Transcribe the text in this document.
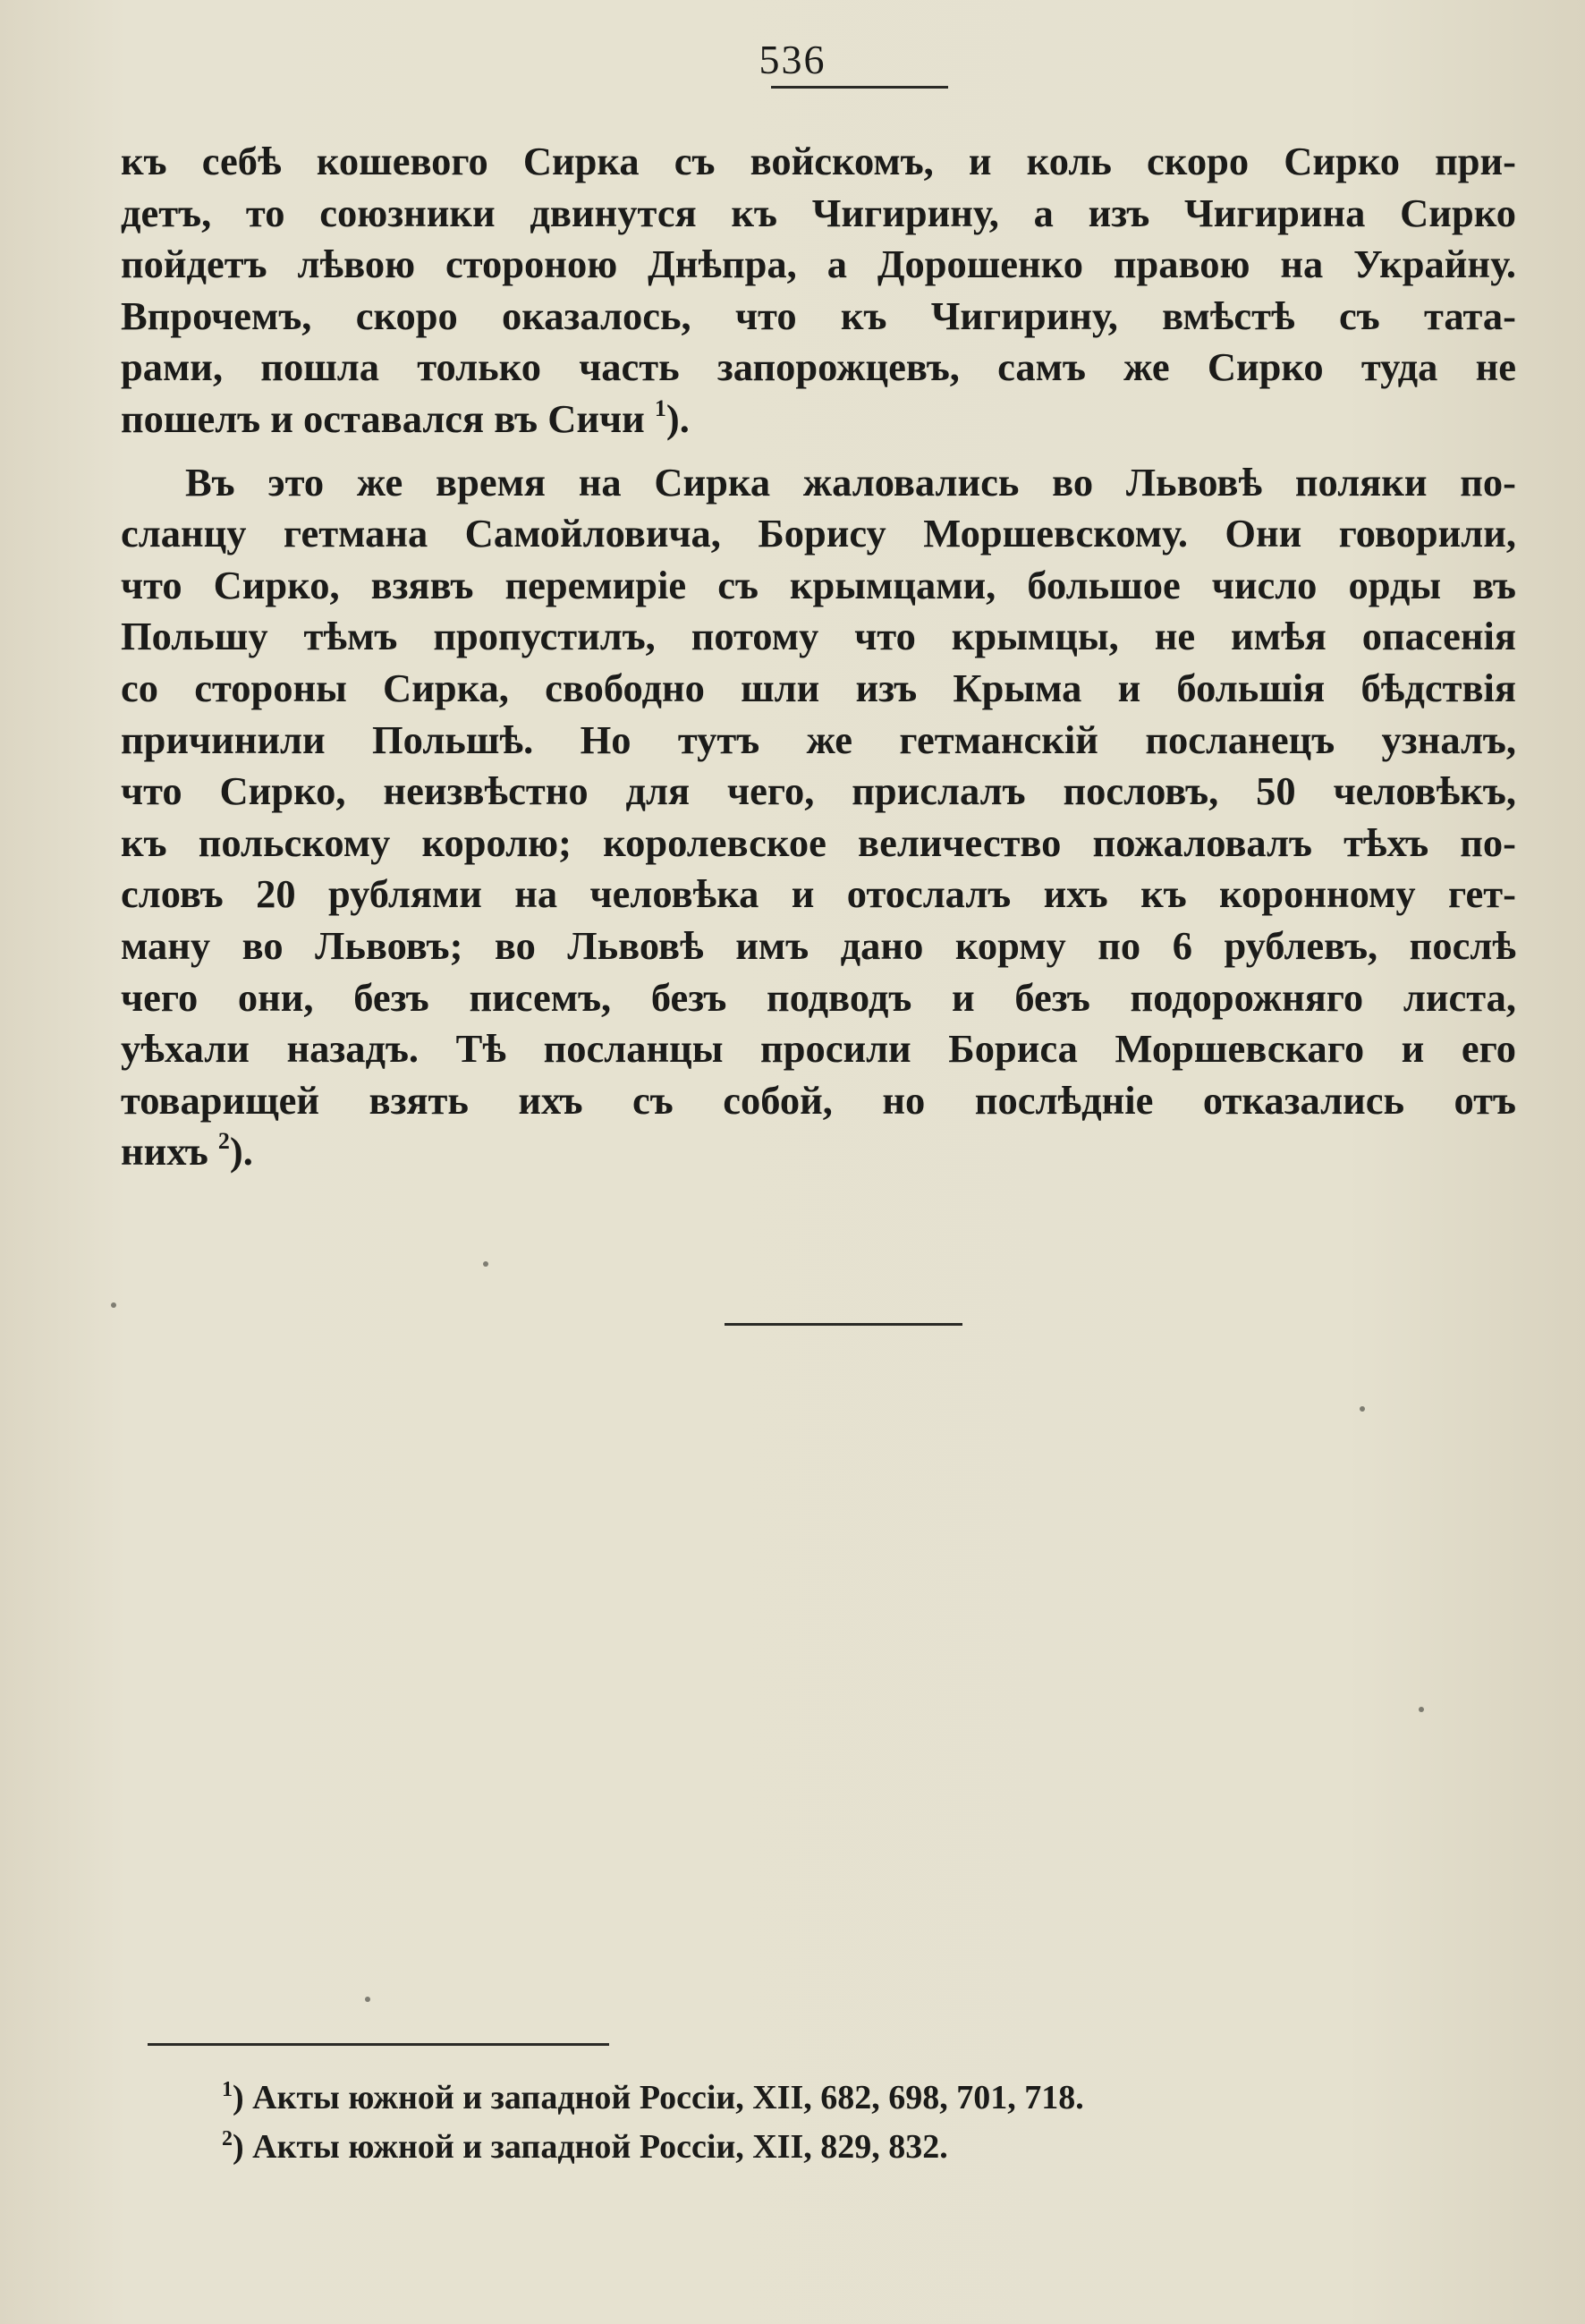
536

къ себѣ кошевого Сирка съ войскомъ, и коль скоро Сирко при-
детъ, то союзники двинутся къ Чигирину, а изъ Чигирина Сирко
пойдетъ лѣвою стороною Днѣпра, а Дорошенко правою на Украйну.
Впрочемъ, скоро оказалось, что къ Чигирину, вмѣстѣ съ тата-
рами, пошла только часть запорожцевъ, самъ же Сирко туда не
пошелъ и оставался въ Сичи $^1$).

Въ это же время на Сирка жаловались во Львовѣ поляки по-
сланцу гетмана Самойловича, Борису Моршевскому. Они говорили,
что Сирко, взявъ перемиріе съ крымцами, большое число орды въ
Польшу тѣмъ пропустилъ, потому что крымцы, не имѣя опасенія
со стороны Сирка, свободно шли изъ Крыма и большія бѣдствія
причинили Польшѣ. Но тутъ же гетманскій посланецъ узналъ,
что Сирко, неизвѣстно для чего, прислалъ пословъ, 50 человѣкъ,
къ польскому королю; королевское величество пожаловалъ тѣхъ по-
словъ 20 рублями на человѣка и отослалъ ихъ къ коронному гет-
ману во Львовъ; во Львовѣ имъ дано корму по 6 рублевъ, послѣ
чего они, безъ писемъ, безъ подводъ и безъ подорожняго листа,
уѣхали назадъ. Тѣ посланцы просили Бориса Моршевскаго и его
товарищей взять ихъ съ собой, но послѣдніе отказались отъ
нихъ $^2$).

$^1$) Акты южной и западной Россіи, XII, 682, 698, 701, 718.
$^2$) Акты южной и западной Россіи, XII, 829, 832.
